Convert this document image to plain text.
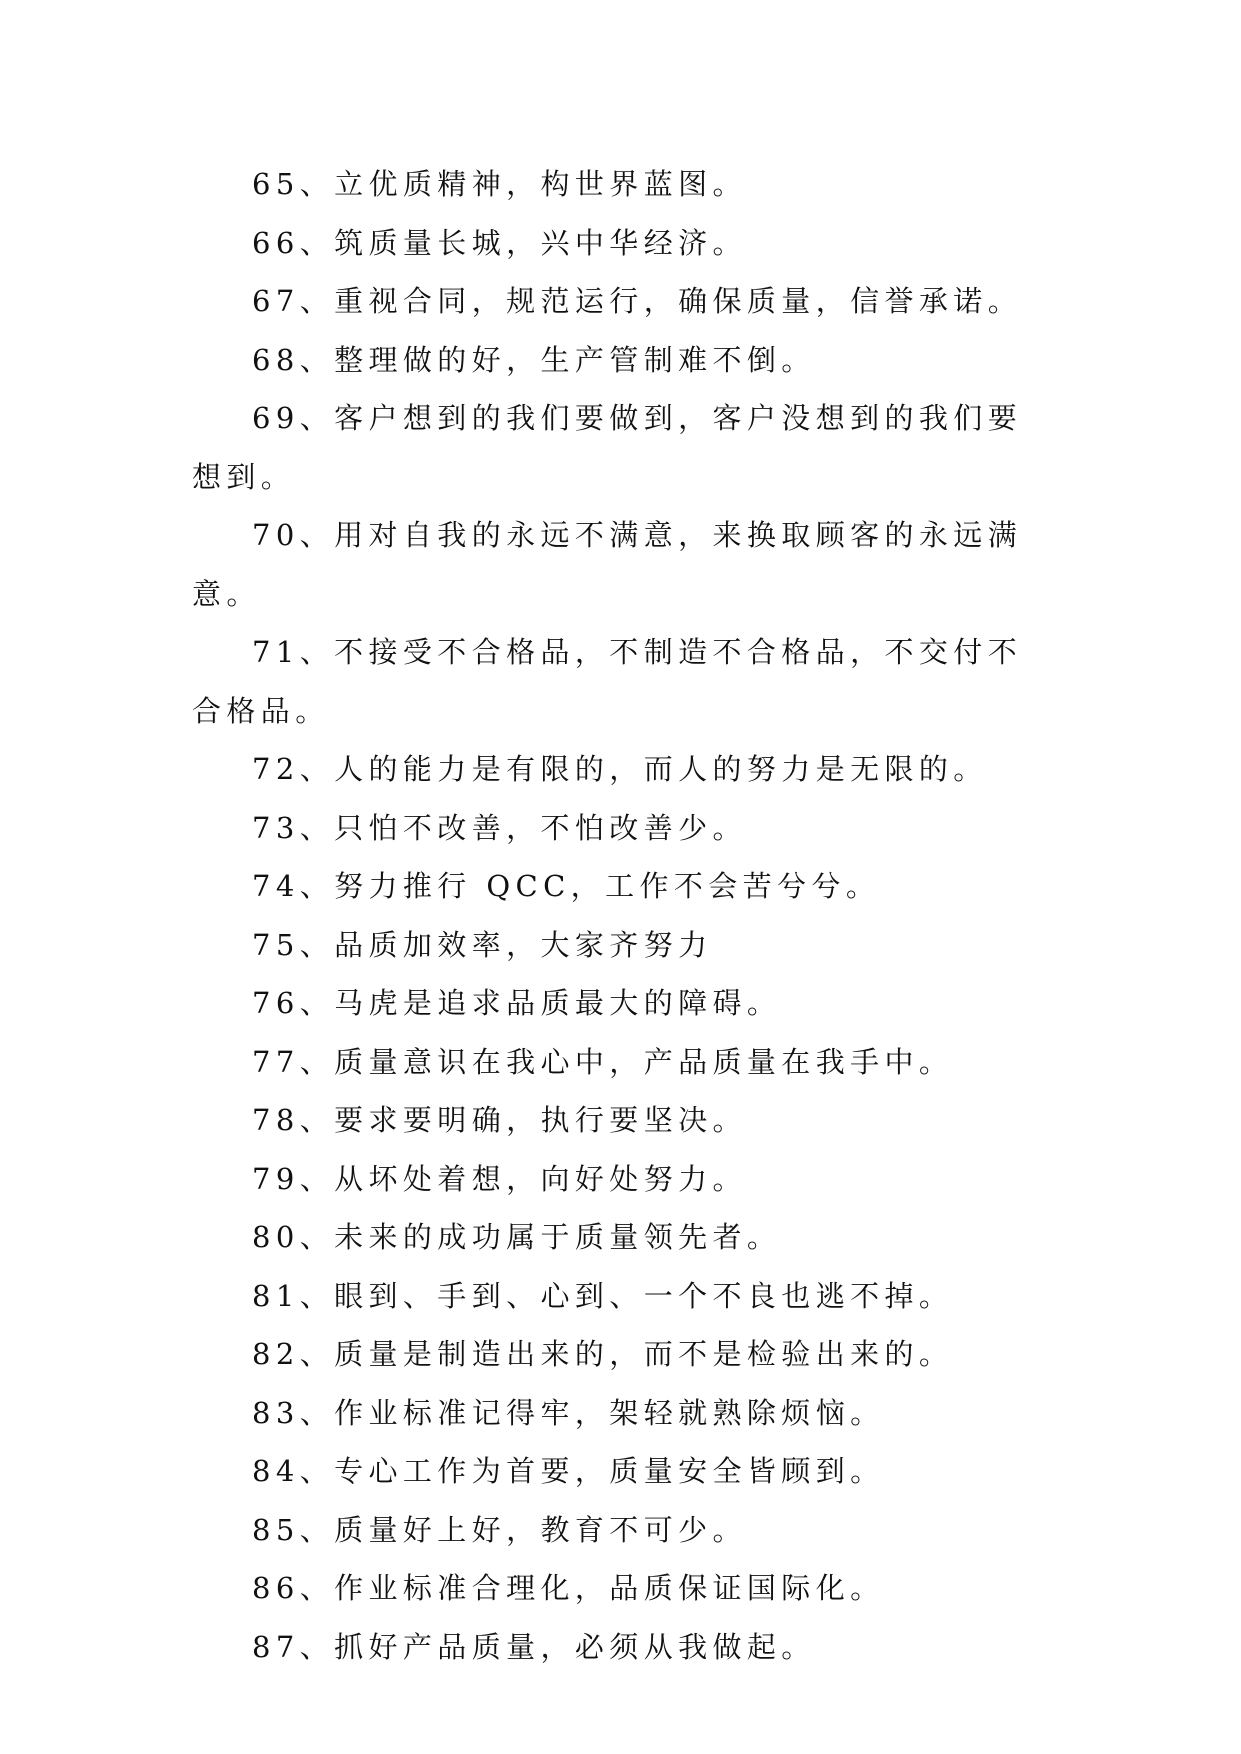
65、立优质精神，构世界蓝图。

66、筑质量长城，兴中华经济。

67、重视合同，规范运行，确保质量，信誉承诺。

68、整理做的好，生产管制难不倒。

69、客户想到的我们要做到，客户没想到的我们要想到。

70、用对自我的永远不满意，来换取顾客的永远满意。

71、不接受不合格品，不制造不合格品，不交付不合格品。

72、人的能力是有限的，而人的努力是无限的。

73、只怕不改善，不怕改善少。

74、努力推行 QCC，工作不会苦兮兮。

75、品质加效率，大家齐努力

76、马虎是追求品质最大的障碍。

77、质量意识在我心中，产品质量在我手中。

78、要求要明确，执行要坚决。

79、从坏处着想，向好处努力。

80、未来的成功属于质量领先者。

81、眼到、手到、心到、一个不良也逃不掉。

82、质量是制造出来的，而不是检验出来的。

83、作业标准记得牢，架轻就熟除烦恼。

84、专心工作为首要，质量安全皆顾到。

85、质量好上好，教育不可少。

86、作业标准合理化，品质保证国际化。

87、抓好产品质量，必须从我做起。
